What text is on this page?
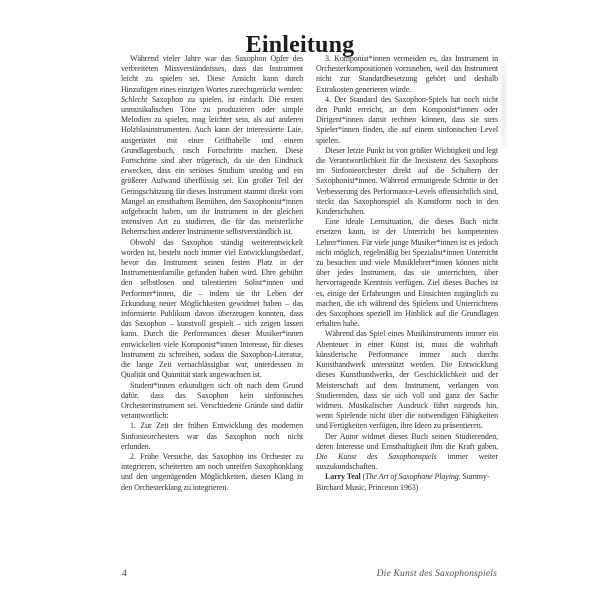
Einleitung

Während vieler Jahre war das Saxophon Opfer des verbreiteten Missverständnisses, dass das Instrument leicht zu spielen sei. Diese Ansicht kann durch Hinzufügen eines einzigen Wortes zurechtgerückt werden: Schlecht Saxophon zu spielen, ist einfach. Die ersten unmusikalischen Töne zu produzieren oder simple Melodien zu spielen, mag leichter sein, als auf anderen Holzblasinstrumenten. Auch kann der interessierte Laie, ausgerüstet mit einer Grifftabelle und einem Grundlagenbuch, rasch Fortschritte machen. Diese Fortschritte sind aber trügerisch, da sie den Eindruck erwecken, dass ein seriöses Studium unnötig und ein größerer Aufwand überflüssig sei. Ein großer Teil der Geringschätzung für dieses Instrument stammt direkt vom Mangel an ernsthaftem Bemühen, den Saxophonist*innen aufgebracht haben, um ihr Instrument in der gleichen intensiven Art zu studieren, die für das meisterliche Beherrschen anderer Instrumente selbstverständlich ist.

Obwohl das Saxophon ständig weiterentwickelt worden ist, besteht noch immer viel Entwicklungsbedarf, bevor das Instrument seinen festen Platz in der Instrumentenfamilie gefunden haben wird. Ehre gebührt den selbstlosen und talentierten Solist*innen und Performer*innen, die – indem sie ihr Leben der Erkundung neuer Möglichkeiten gewidmet haben – das informierte Publikum davon überzeugen konnten, dass das Saxophon – kunstvoll gespielt – sich zeigen lassen kann. Durch die Performances dieser Musiker*innen entwickelten viele Komponist*innen Interesse, für dieses Instrument zu schreiben, sodass die Saxophon-Literatur, die lange Zeit vernachlässigbar war, unterdessen in Qualität und Quantität stark angewachsen ist.

Student*innen erkundigen sich oft nach dem Grund dafür, dass das Saxophon kein sinfonisches Orchesterinstrument sei. Verschiedene Gründe sind dafür verantwortlich:

1. Zur Zeit der frühen Entwicklung des modernen Sinfonieorchesters war das Saxophon noch nicht erfunden.

2. Frühe Versuche, das Saxophon ins Orchester zu integrieren, scheiterten am noch unreifen Saxophonklang und den ungenügenden Möglichkeiten, diesen Klang in den Orchesterklang zu integrieren.

3. Komponist*innen vermeiden es, das Instrument in Orchesterkompositionen vorzusehen, weil das Instrument nicht zur Standardbesetzung gehört und deshalb Extrakosten generieren würde.

4. Der Standard des Saxophon-Spiels hat noch nicht den Punkt erreicht, an dem Komponist*innen oder Dirigent*innen damit rechnen können, dass sie stets Spieler*innen finden, die auf einem sinfonischen Level spielen.

Dieser letzte Punkt ist von größter Wichtigkeit und legt die Verantwortlichkeit für die Inexistenz des Saxophons im Sinfonieorchester direkt auf die Schultern der Saxophonist*innen. Während ermutigende Schritte in der Verbesserung des Performance-Levels offensichtlich sind, steckt das Saxophonspiel als Kunstform noch in den Kinderschuhen.

Eine ideale Lernsituation, die dieses Buch nicht ersetzen kann, ist der Unterricht bei kompetenten Lehrer*innen. Für viele junge Musiker*innen ist es jedoch nicht möglich, regelmäßig bei Spezialist*innen Unterricht zu besuchen und viele Musiklehrer*innen können nicht über jedes Instrument, das sie unterrichten, über hervorragende Kenntnis verfügen. Ziel dieses Buches ist es, einige der Erfahrungen und Einsichten zugänglich zu machen, die ich während des Spielens und Unterrichtens des Saxophons speziell im Hinblick auf die Grundlagen erhalten habe.

Während das Spiel eines Musikinstruments immer ein Abenteuer in einer Kunst ist, muss die wahrhaft künstlerische Performance immer auch durchs Kunsthandwerk unterstützt werden. Die Entwicklung dieses Kunsthandwerks, der Geschicklichkeit und der Meisterschaft auf dem Instrument, verlangen von Studierenden, dass sie sich voll und ganz der Sache widmen. Musikalischer Ausdruck führt nirgends hin, wenn Spielende nicht über die notwendigen Fähigkeiten und Fertigkeiten verfügen, ihre Ideen zu präsentieren.

Der Autor widmet dieses Buch seinen Studierenden, deren Interesse und Ernsthaftigkeit ihm die Kraft gaben, Die Kunst des Saxophonspiels immer weiter auszukundschaften.

Larry Teal (The Art of Saxophone Playing. Summy-Birchard Music, Princeton 1963)

4	Die Kunst des Saxophonspiels
